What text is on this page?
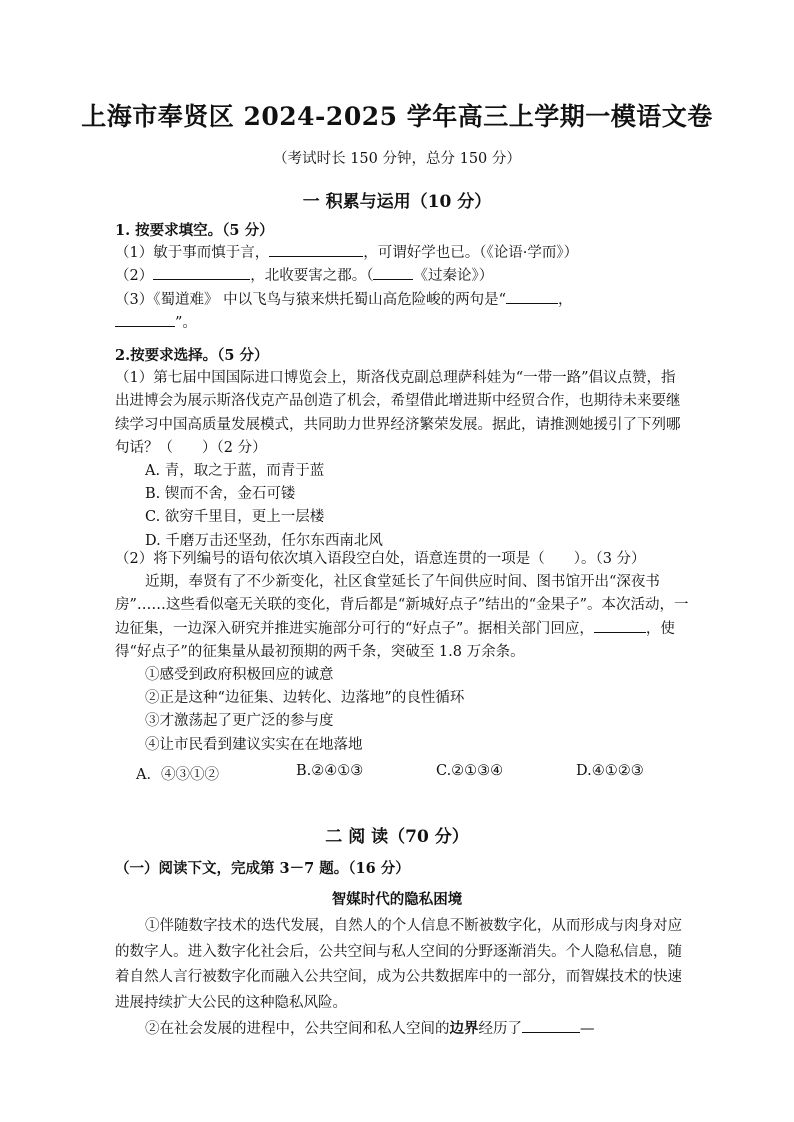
上海市奉贤区 2024-2025 学年高三上学期一模语文卷
（考试时长 150 分钟，总分 150 分）
一 积累与运用（10 分）
1. 按要求填空。（5 分）
（1）敏于事而慎于言，	，可谓好学也已。（《论语·学而》）
（2）	，北收要害之郡。（	《过秦论》）
（3）《蜀道难》 中以飞鸟与猿来烘托蜀山高危险峻的两句是“	，
”。
2.按要求选择。（5 分）
（1）第七届中国国际进口博览会上，斯洛伐克副总理萨科娃为“一带一路”倡议点赞，指出进博会为展示斯洛伐克产品创造了机会，希望借此增进斯中经贸合作，也期待未来要继续学习中国高质量发展模式，共同助力世界经济繁荣发展。据此，请推测她援引了下列哪句话？（　　）（2 分）
A. 青，取之于蓝，而青于蓝
B. 锲而不舍，金石可镂
C. 欲穷千里目，更上一层楼
D. 千磨万击还坚劲，任尔东西南北风
（2）将下列编号的语句依次填入语段空白处，语意连贯的一项是（　　）。（3 分）
近期，奉贤有了不少新变化，社区食堂延长了午间供应时间、图书馆开出“深夜书房”……这些看似毫无关联的变化，背后都是“新城好点子”结出的“金果子”。本次活动，一边征集，一边深入研究并推进实施部分可行的“好点子”。据相关部门回应，	，使得“好点子”的征集量从最初预期的两千条，突破至 1.8 万余条。
①感受到政府积极回应的诚意
②正是这种“边征集、边转化、边落地”的良性循环
③才激荡起了更广泛的参与度
④让市民看到建议实实在在地落地
A．④③①②	B.②④①③	C.②①③④	D.④①②③
二 阅 读（70 分）
（一）阅读下文，完成第 3－7 题。（16 分）
智媒时代的隐私困境

①伴随数字技术的迭代发展，自然人的个人信息不断被数字化，从而形成与肉身对应的数字人。进入数字化社会后，公共空间与私人空间的分野逐渐消失。个人隐私信息，随着自然人言行被数字化而融入公共空间，成为公共数据库中的一部分，而智媒技术的快速进展持续扩大公民的这种隐私风险。

②在社会发展的进程中，公共空间和私人空间的边界经历了	—
